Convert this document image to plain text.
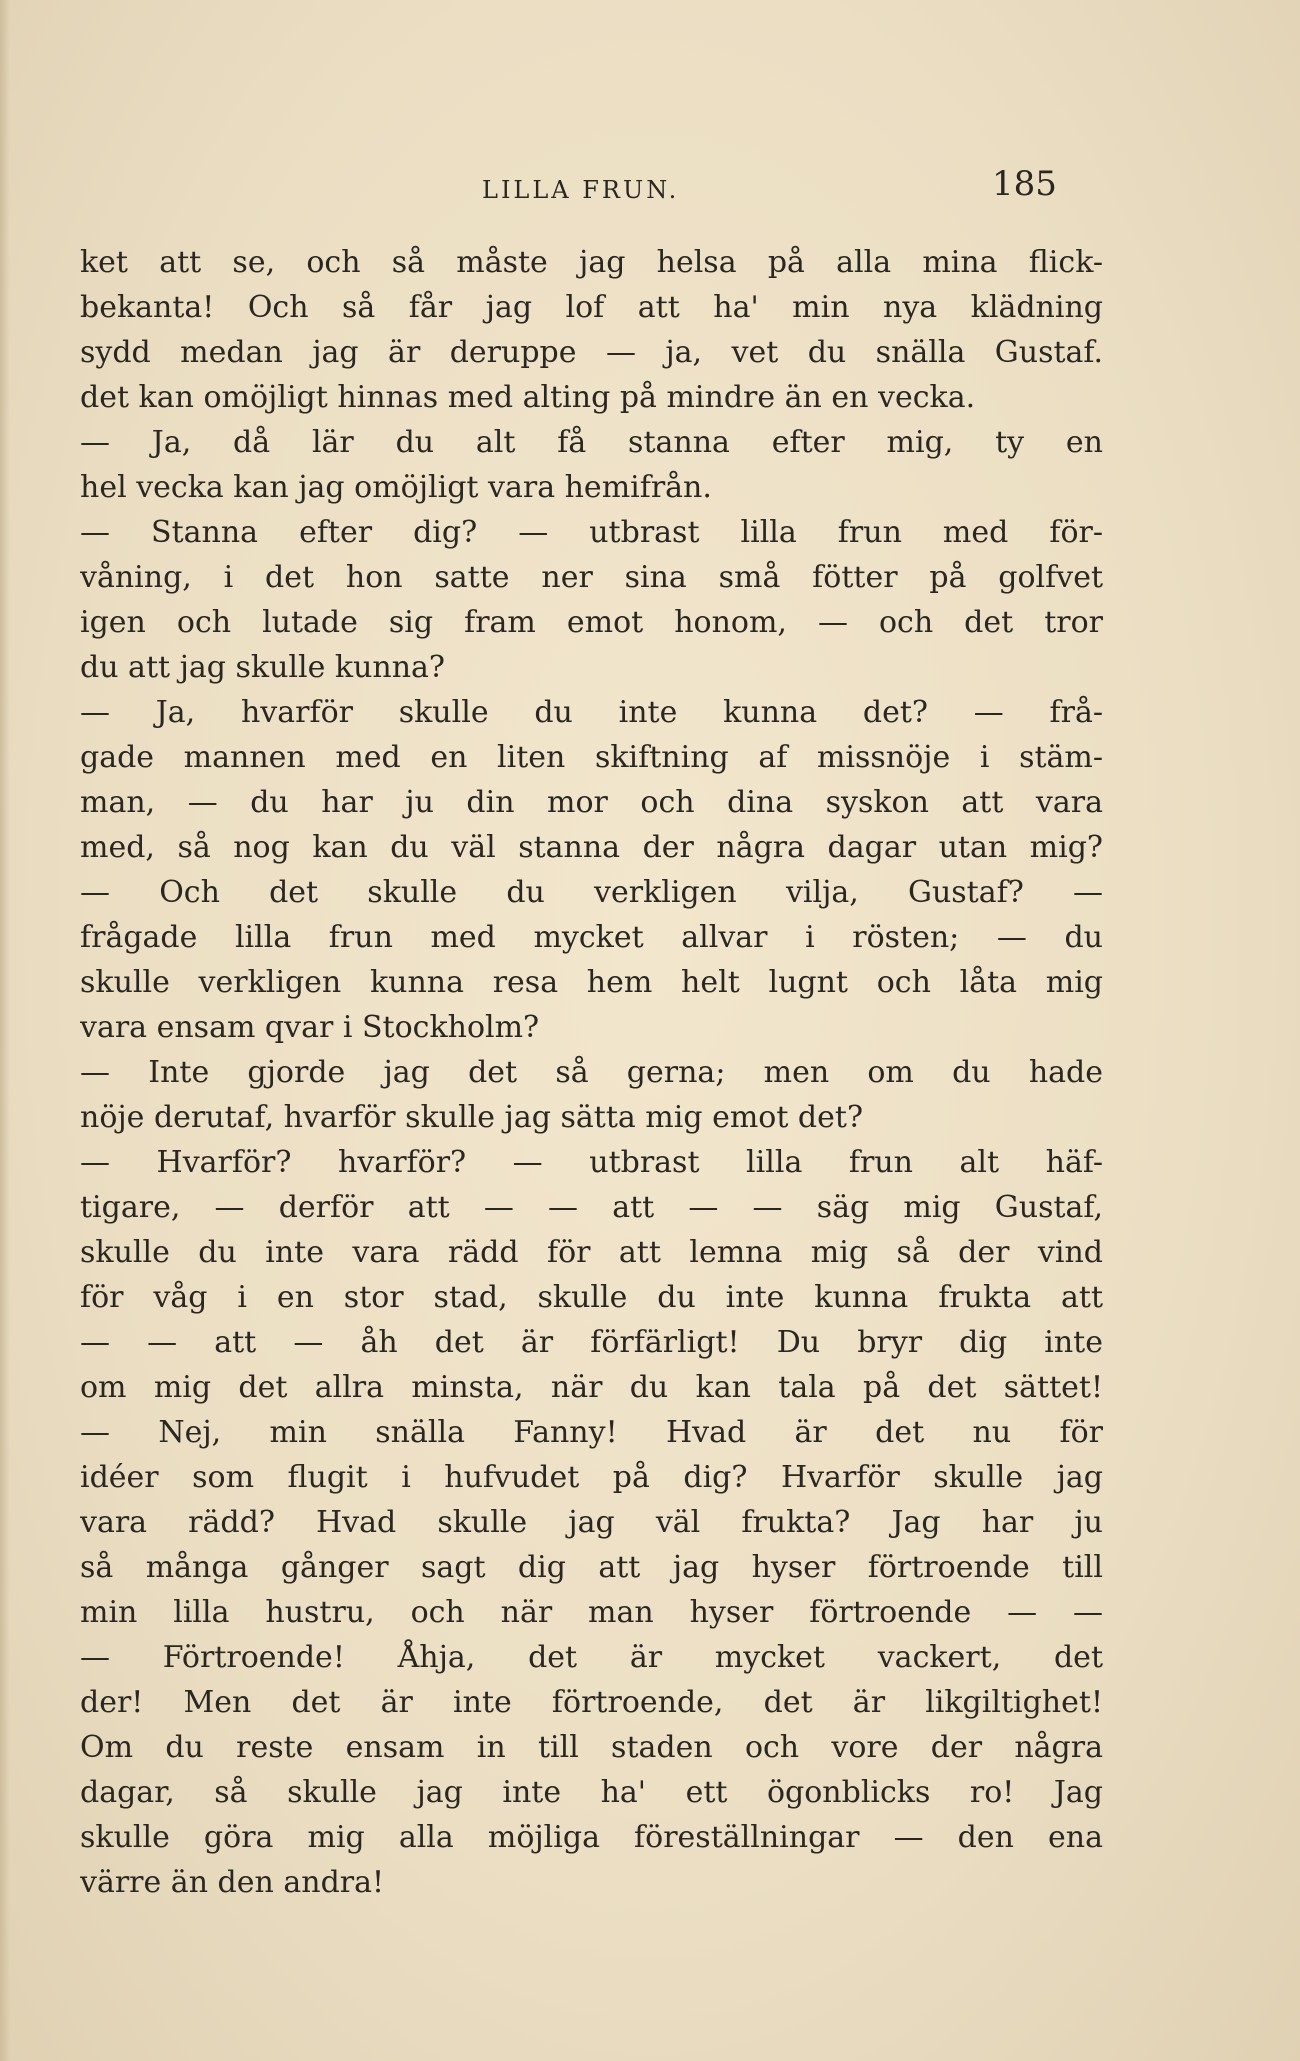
LILLA FRUN.	185
ket att se, och så måste jag helsa på alla mina flick-
bekanta! Och så får jag lof att ha' min nya klädning
sydd medan jag är deruppe — ja, vet du snälla Gustaf.
det kan omöjligt hinnas med alting på mindre än en vecka.
— Ja, då lär du alt få stanna efter mig, ty en
hel vecka kan jag omöjligt vara hemifrån.
— Stanna efter dig? — utbrast lilla frun med för-
våning, i det hon satte ner sina små fötter på golfvet
igen och lutade sig fram emot honom, — och det tror
du att jag skulle kunna?
— Ja, hvarför skulle du inte kunna det? — frå-
gade mannen med en liten skiftning af missnöje i stäm-
man, — du har ju din mor och dina syskon att vara
med, så nog kan du väl stanna der några dagar utan mig?
— Och det skulle du verkligen vilja, Gustaf? —
frågade lilla frun med mycket allvar i rösten; — du
skulle verkligen kunna resa hem helt lugnt och låta mig
vara ensam qvar i Stockholm?
— Inte gjorde jag det så gerna; men om du hade
nöje derutaf, hvarför skulle jag sätta mig emot det?
— Hvarför? hvarför? — utbrast lilla frun alt häf-
tigare, — derför att — — att — — säg mig Gustaf,
skulle du inte vara rädd för att lemna mig så der vind
för våg i en stor stad, skulle du inte kunna frukta att
— — att — åh det är förfärligt! Du bryr dig inte
om mig det allra minsta, när du kan tala på det sättet!
— Nej, min snälla Fanny! Hvad är det nu för
idéer som flugit i hufvudet på dig? Hvarför skulle jag
vara rädd? Hvad skulle jag väl frukta? Jag har ju
så många gånger sagt dig att jag hyser förtroende till
min lilla hustru, och när man hyser förtroende — —
— Förtroende! Åhja, det är mycket vackert, det
der! Men det är inte förtroende, det är likgiltighet!
Om du reste ensam in till staden och vore der några
dagar, så skulle jag inte ha' ett ögonblicks ro! Jag
skulle göra mig alla möjliga föreställningar — den ena
värre än den andra!
